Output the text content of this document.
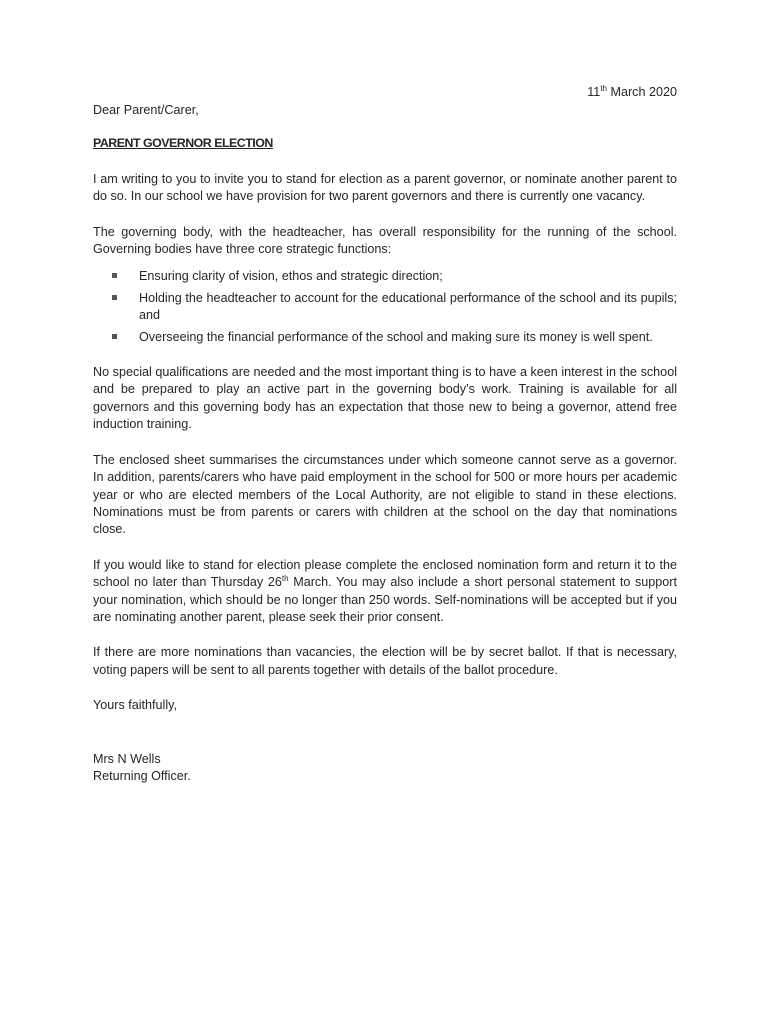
11th March 2020

Dear Parent/Carer,

PARENT GOVERNOR ELECTION

I am writing to you to invite you to stand for election as a parent governor, or nominate another parent to do so. In our school we have provision for two parent governors and there is currently one vacancy.

The governing body, with the headteacher, has overall responsibility for the running of the school. Governing bodies have three core strategic functions:

Ensuring clarity of vision, ethos and strategic direction;
Holding the headteacher to account for the educational performance of the school and its pupils; and
Overseeing the financial performance of the school and making sure its money is well spent.

No special qualifications are needed and the most important thing is to have a keen interest in the school and be prepared to play an active part in the governing body’s work. Training is available for all governors and this governing body has an expectation that those new to being a governor, attend free induction training.

The enclosed sheet summarises the circumstances under which someone cannot serve as a governor. In addition, parents/carers who have paid employment in the school for 500 or more hours per academic year or who are elected members of the Local Authority, are not eligible to stand in these elections. Nominations must be from parents or carers with children at the school on the day that nominations close.

If you would like to stand for election please complete the enclosed nomination form and return it to the school no later than Thursday 26th March. You may also include a short personal statement to support your nomination, which should be no longer than 250 words. Self-nominations will be accepted but if you are nominating another parent, please seek their prior consent.

If there are more nominations than vacancies, the election will be by secret ballot. If that is necessary, voting papers will be sent to all parents together with details of the ballot procedure.

Yours faithfully,

Mrs N Wells

Returning Officer.
